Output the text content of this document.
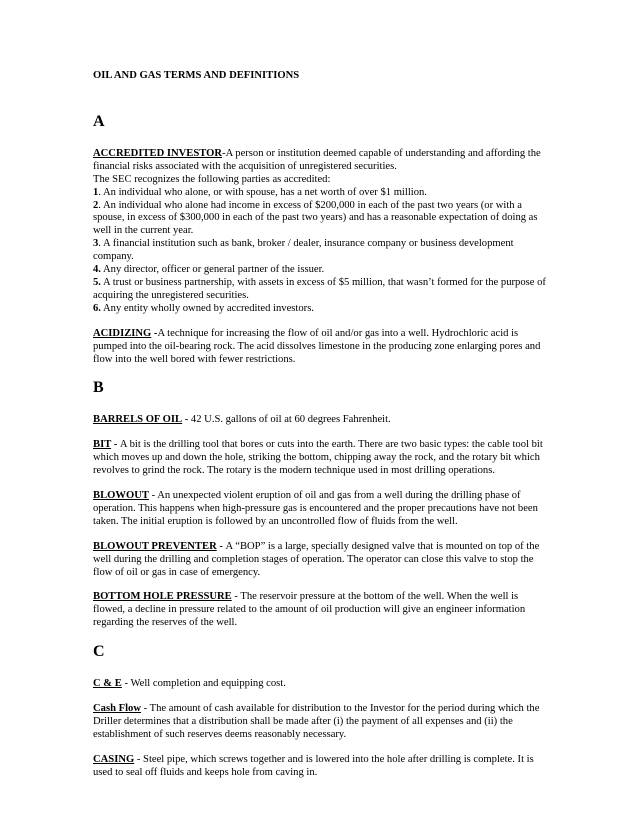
OIL AND GAS TERMS AND DEFINITIONS
A
ACCREDITED INVESTOR-A person or institution deemed capable of understanding and affording the financial risks associated with the acquisition of unregistered securities.
The SEC recognizes the following parties as accredited:
1. An individual who alone, or with spouse, has a net worth of over $1 million.
2. An individual who alone had income in excess of $200,000 in each of the past two years (or with a spouse, in excess of $300,000 in each of the past two years) and has a reasonable expectation of doing as well in the current year.
3. A financial institution such as bank, broker / dealer, insurance company or business development company.
4. Any director, officer or general partner of the issuer.
5. A trust or business partnership, with assets in excess of $5 million, that wasn’t formed for the purpose of acquiring the unregistered securities.
6. Any entity wholly owned by accredited investors.
ACIDIZING -A technique for increasing the flow of oil and/or gas into a well. Hydrochloric acid is pumped into the oil-bearing rock. The acid dissolves limestone in the producing zone enlarging pores and flow into the well bored with fewer restrictions.
B
BARRELS OF OIL - 42 U.S. gallons of oil at 60 degrees Fahrenheit.
BIT - A bit is the drilling tool that bores or cuts into the earth. There are two basic types: the cable tool bit which moves up and down the hole, striking the bottom, chipping away the rock, and the rotary bit which revolves to grind the rock. The rotary is the modern technique used in most drilling operations.
BLOWOUT - An unexpected violent eruption of oil and gas from a well during the drilling phase of operation. This happens when high-pressure gas is encountered and the proper precautions have not been taken. The initial eruption is followed by an uncontrolled flow of fluids from the well.
BLOWOUT PREVENTER - A “BOP” is a large, specially designed valve that is mounted on top of the well during the drilling and completion stages of operation. The operator can close this valve to stop the flow of oil or gas in case of emergency.
BOTTOM HOLE PRESSURE - The reservoir pressure at the bottom of the well. When the well is flowed, a decline in pressure related to the amount of oil production will give an engineer information regarding the reserves of the well.
C
C & E - Well completion and equipping cost.
Cash Flow - The amount of cash available for distribution to the Investor for the period during which the Driller determines that a distribution shall be made after (i) the payment of all expenses and (ii) the establishment of such reserves deems reasonably necessary.
CASING - Steel pipe, which screws together and is lowered into the hole after drilling is complete. It is used to seal off fluids and keeps hole from caving in.
